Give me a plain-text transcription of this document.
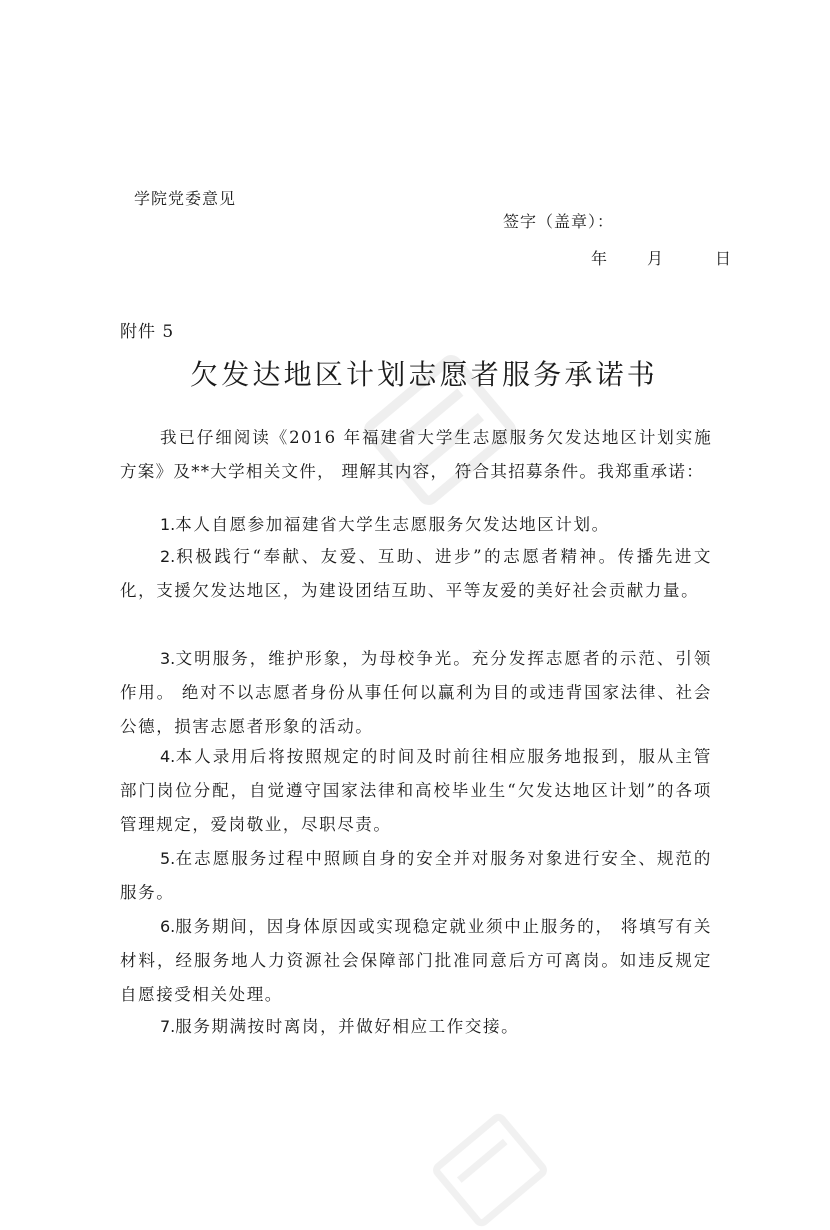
学院党委意见
签字（盖章）：
年	月	日
附件 5
欠发达地区计划志愿者服务承诺书
我已仔细阅读《2016 年福建省大学生志愿服务欠发达地区计划实施方案》及**大学相关文件， 理解其内容， 符合其招募条件。我郑重承诺：
1.本人自愿参加福建省大学生志愿服务欠发达地区计划。
2.积极践行“奉献、友爱、互助、进步”的志愿者精神。传播先进文化，支援欠发达地区，为建设团结互助、平等友爱的美好社会贡献力量。
3.文明服务，维护形象，为母校争光。充分发挥志愿者的示范、引领作用。 绝对不以志愿者身份从事任何以赢利为目的或违背国家法律、社会公德，损害志愿者形象的活动。
4.本人录用后将按照规定的时间及时前往相应服务地报到，服从主管部门岗位分配，自觉遵守国家法律和高校毕业生“欠发达地区计划”的各项管理规定，爱岗敬业，尽职尽责。
5.在志愿服务过程中照顾自身的安全并对服务对象进行安全、规范的服务。
6.服务期间，因身体原因或实现稳定就业须中止服务的， 将填写有关材料，经服务地人力资源社会保障部门批准同意后方可离岗。如违反规定自愿接受相关处理。
7.服务期满按时离岗，并做好相应工作交接。
